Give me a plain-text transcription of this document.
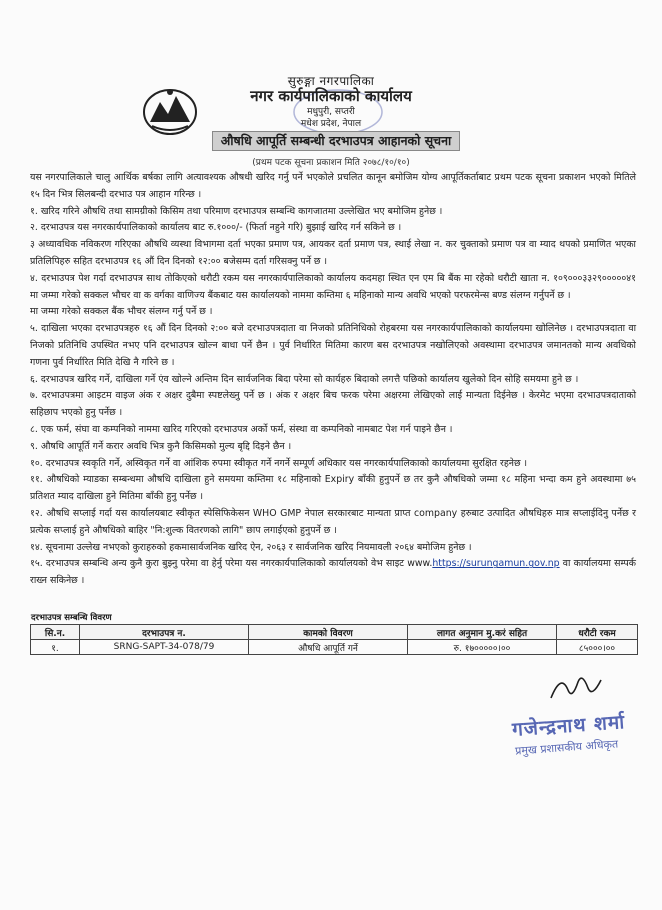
सुरुङ्गा नगरपालिका
नगर कार्यपालिकाको कार्यालय
मधुपुरी, सप्तरी
मधेश प्रदेश, नेपाल
औषधि आपूर्ति सम्बन्धी दरभाउपत्र आहानको सूचना
(प्रथम पटक सूचना प्रकाशन मिति २०७८/१०/१०)

यस नगरपालिकाले चालु आर्थिक बर्षका लागि अत्यावश्यक औषधी खरिद गर्नु पर्ने भएकोले प्रचलित कानून बमोजिम योग्य आपूर्तिकर्ताबाट प्रथम पटक सूचना प्रकाशन भएको मितिले १५ दिन भित्र सिलबन्दी दरभाउ पत्र आहान गरिन्छ ।

१. खरिद गरिने औषधि तथा सामग्रीको किसिम तथा परिमाण दरभाउपत्र सम्बन्धि कागजातमा उल्लेखित भए बमोजिम हुनेछ ।

२. दरभाउपत्र यस नगरकार्यपालिकाको कार्यालय बाट रु.१०००/- (फिर्ता नहुने गरि) बुझाई खरिद गर्न सकिने छ ।

३ अध्यावधिक नविकरण गरिएका औषधि व्यस्था विभागमा दर्ता भएका प्रमाण पत्र, आयकर दर्ता प्रमाण पत्र, स्थाई लेखा न. कर चुक्ताको प्रमाण पत्र वा म्याद थपको प्रमाणित भएका प्रतिलिपिहरु सहित दरभाउपत्र १६ औं दिन दिनको १२:०० बजेसम्म दर्ता गरिसक्नु पर्ने छ ।

४. दरभाउपत्र पेश गर्दा दरभाउपत्र साथ तोकिएको धरौटी रकम यस नगरकार्यपालिकाको कार्यालय कदमहा स्थित एन एम बि बैंक मा रहेको धरौटी खाता न. १०९०००३३२९०००००४१ मा जम्मा गरेको सक्कल भौचर वा क वर्गका वाणिज्य बैंकबाट यस कार्यालयको नाममा कम्तिमा ६ महिनाको मान्य अवधि भएको परफरमेन्स बण्ड संलग्न गर्नुपर्ने छ ।

मा जम्मा गरेको सक्कल बैंक भौचर संलग्न गर्नु पर्ने छ ।

५. दाखिला भएका दरभाउपत्रहरु १६ औं दिन दिनको २:०० बजे दरभाउपत्रदाता वा निजको प्रतिनिधिको रोहबरमा यस नगरकार्यपालिकाको कार्यालयमा खोलिनेछ । दरभाउपत्रदाता वा निजको प्रतिनिधि उपस्थित नभए पनि दरभाउपत्र खोल्न बाधा पर्ने छैन । पुर्व निर्धारित मितिमा कारण बस दरभाउपत्र नखोलिएको अवस्थामा दरभाउपत्र जमानतको मान्य अवधिको गणना पुर्व निर्धारित मिति देखि नै गरिने छ ।

६. दरभाउपत्र खरिद गर्ने, दाखिला गर्ने एंव खोल्ने अन्तिम दिन सार्वजनिक बिदा परेमा सो कार्यहरु बिदाको लगत्तै पछिको कार्यालय खुलेको दिन सोहि समयमा हुने छ ।

७. दरभाउपत्रमा आइटम वाइज अंक र अक्षर दुबैमा स्पष्टलेख्नु पर्ने छ । अंक र अक्षर बिच फरक परेमा अक्षरमा लेखिएको लाई मान्यता दिईनेछ । केरमेट भएमा दरभाउपत्रदाताको सहिछाप भएको हुनु पर्नेछ ।

८. एक फर्म, संघा वा कम्पनिको नाममा खरिद गरिएको दरभाउपत्र अर्को फर्म, संस्था वा कम्पनिको नामबाट पेश गर्न पाइने छैन ।

९. औषधि आपूर्ति गर्ने करार अवधि भित्र कुनै किसिमको मुल्य बृद्दि दिइने छैन ।

१०. दरभाउपत्र स्वकृति गर्ने, अस्विकृत गर्ने वा आंशिक रुपमा स्वीकृत गर्ने नगर्ने सम्पूर्ण अधिकार यस नगरकार्यपालिकाको कार्यालयमा सुरक्षित रहनेछ ।

११. औषधिको म्याडका सम्बन्धमा औषधि दाखिला हुने समयमा कम्तिमा १८ महिनाको Expiry बाँकी हुनुपर्ने छ तर कुनै औषधिको जम्मा १८ महिना भन्दा कम हुने अवस्थामा ७५ प्रतिशत म्याद दाखिला हुने मितिमा बाँकी हुनु पर्नेछ ।

१२. औषधि सप्लाई गर्दा यस कार्यालयबाट स्वीकृत स्पेसिफिकेसन WHO GMP नेपाल सरकारबाट मान्यता प्राप्त company हरुबाट उत्पादित औषधिहरु मात्र सप्लाईदिनु पर्नेछ र प्रत्येक सप्लाई हुने औषधिको बाहिर "नि:शुल्क वितरणको लागि" छाप लगाईएको हुनुपर्ने छ ।

१४. सूचनामा उल्लेख नभएको कुराहरुको हकमासार्वजनिक खरिद ऐन, २०६३ र सार्वजनिक खरिद नियमावली २०६४ बमोजिम हुनेछ ।

१५. दरभाउपत्र सम्बन्धि अन्य कुनै कुरा बुझ्नु परेमा वा हेर्नु परेमा यस नगरकार्यपालिकाको कार्यालयको वेभ साइट www.https://surungamun.gov.np वा कार्यालयमा सम्पर्क राख्न सकिनेछ ।

दरभाउपत्र सम्बन्धि विवरण
सि.न.	दरभाउपत्र न.	कामको विवरण	लागत अनुमान मु.करं सहित	धरौटी रकम
१.	SRNG-SAPT-34-078/79	औषधि आपूर्ति गर्ने	रु. १७०००००।००	८५०००।००
गजेन्द्रनाथ शर्मा
प्रमुख प्रशासकीय अधिकृत
